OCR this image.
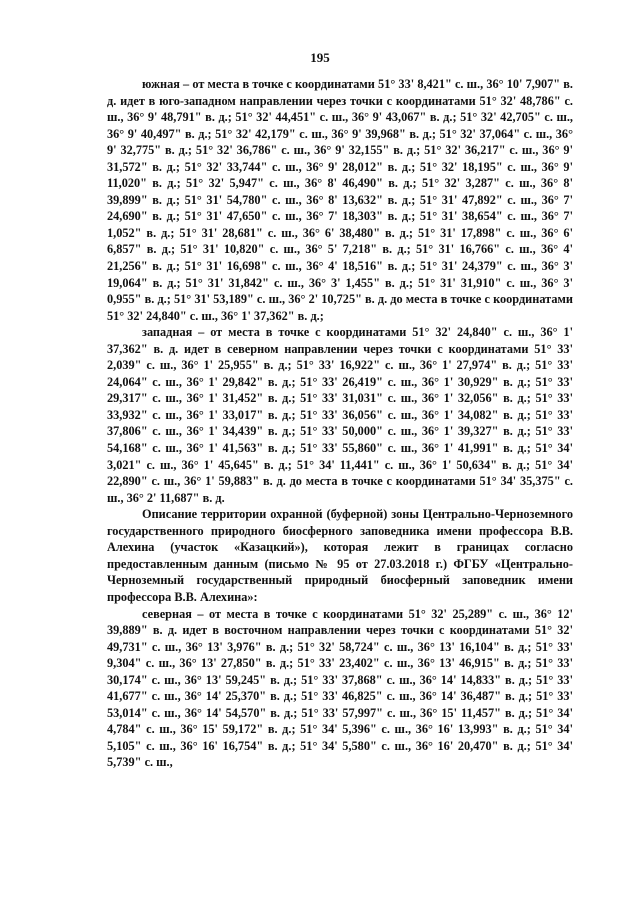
195

южная – от места в точке с координатами 51° 33' 8,421" с. ш., 36° 10' 7,907" в. д. идет в юго-западном направлении через точки с координатами 51° 32' 48,786" с. ш., 36° 9' 48,791" в. д.; 51° 32' 44,451" с. ш., 36° 9' 43,067" в. д.; 51° 32' 42,705" с. ш., 36° 9' 40,497" в. д.; 51° 32' 42,179" с. ш., 36° 9' 39,968" в. д.; 51° 32' 37,064" с. ш., 36° 9' 32,775" в. д.; 51° 32' 36,786" с. ш., 36° 9' 32,155" в. д.; 51° 32' 36,217" с. ш., 36° 9' 31,572" в. д.; 51° 32' 33,744" с. ш., 36° 9' 28,012" в. д.; 51° 32' 18,195" с. ш., 36° 9' 11,020" в. д.; 51° 32' 5,947" с. ш., 36° 8' 46,490" в. д.; 51° 32' 3,287" с. ш., 36° 8' 39,899" в. д.; 51° 31' 54,780" с. ш., 36° 8' 13,632" в. д.; 51° 31' 47,892" с. ш., 36° 7' 24,690" в. д.; 51° 31' 47,650" с. ш., 36° 7' 18,303" в. д.; 51° 31' 38,654" с. ш., 36° 7' 1,052" в. д.; 51° 31' 28,681" с. ш., 36° 6' 38,480" в. д.; 51° 31' 17,898" с. ш., 36° 6' 6,857" в. д.; 51° 31' 10,820" с. ш., 36° 5' 7,218" в. д.; 51° 31' 16,766" с. ш., 36° 4' 21,256" в. д.; 51° 31' 16,698" с. ш., 36° 4' 18,516" в. д.; 51° 31' 24,379" с. ш., 36° 3' 19,064" в. д.; 51° 31' 31,842" с. ш., 36° 3' 1,455" в. д.; 51° 31' 31,910" с. ш., 36° 3' 0,955" в. д.; 51° 31' 53,189" с. ш., 36° 2' 10,725" в. д. до места в точке с координатами 51° 32' 24,840" с. ш., 36° 1' 37,362" в. д.;

западная – от места в точке с координатами 51° 32' 24,840" с. ш., 36° 1' 37,362" в. д. идет в северном направлении через точки с координатами 51° 33' 2,039" с. ш., 36° 1' 25,955" в. д.; 51° 33' 16,922" с. ш., 36° 1' 27,974" в. д.; 51° 33' 24,064" с. ш., 36° 1' 29,842" в. д.; 51° 33' 26,419" с. ш., 36° 1' 30,929" в. д.; 51° 33' 29,317" с. ш., 36° 1' 31,452" в. д.; 51° 33' 31,031" с. ш., 36° 1' 32,056" в. д.; 51° 33' 33,932" с. ш., 36° 1' 33,017" в. д.; 51° 33' 36,056" с. ш., 36° 1' 34,082" в. д.; 51° 33' 37,806" с. ш., 36° 1' 34,439" в. д.; 51° 33' 50,000" с. ш., 36° 1' 39,327" в. д.; 51° 33' 54,168" с. ш., 36° 1' 41,563" в. д.; 51° 33' 55,860" с. ш., 36° 1' 41,991" в. д.; 51° 34' 3,021" с. ш., 36° 1' 45,645" в. д.; 51° 34' 11,441" с. ш., 36° 1' 50,634" в. д.; 51° 34' 22,890" с. ш., 36° 1' 59,883" в. д. до места в точке с координатами 51° 34' 35,375" с. ш., 36° 2' 11,687" в. д.

Описание территории охранной (буферной) зоны Центрально-Черноземного государственного природного биосферного заповедника имени профессора В.В. Алехина (участок «Казацкий»), которая лежит в границах согласно предоставленным данным (письмо № 95 от 27.03.2018 г.) ФГБУ «Центрально-Черноземный государственный природный биосферный заповедник имени профессора В.В. Алехина»:

северная – от места в точке с координатами 51° 32' 25,289" с. ш., 36° 12' 39,889" в. д. идет в восточном направлении через точки с координатами 51° 32' 49,731" с. ш., 36° 13' 3,976" в. д.; 51° 32' 58,724" с. ш., 36° 13' 16,104" в. д.; 51° 33' 9,304" с. ш., 36° 13' 27,850" в. д.; 51° 33' 23,402" с. ш., 36° 13' 46,915" в. д.; 51° 33' 30,174" с. ш., 36° 13' 59,245" в. д.; 51° 33' 37,868" с. ш., 36° 14' 14,833" в. д.; 51° 33' 41,677" с. ш., 36° 14' 25,370" в. д.; 51° 33' 46,825" с. ш., 36° 14' 36,487" в. д.; 51° 33' 53,014" с. ш., 36° 14' 54,570" в. д.; 51° 33' 57,997" с. ш., 36° 15' 11,457" в. д.; 51° 34' 4,784" с. ш., 36° 15' 59,172" в. д.; 51° 34' 5,396" с. ш., 36° 16' 13,993" в. д.; 51° 34' 5,105" с. ш., 36° 16' 16,754" в. д.; 51° 34' 5,580" с. ш., 36° 16' 20,470" в. д.; 51° 34' 5,739" с. ш.,
